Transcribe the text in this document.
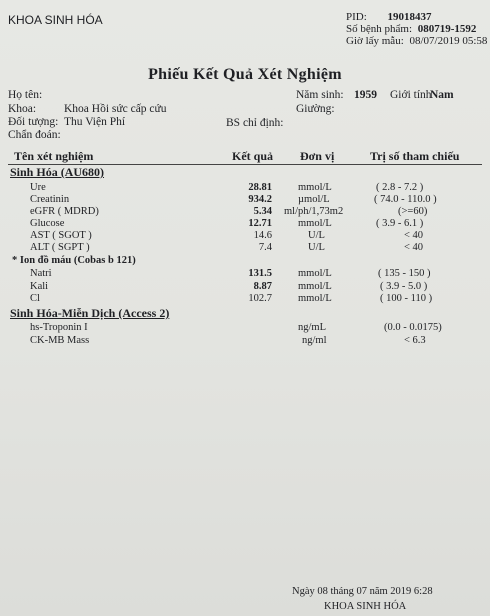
KHOA SINH HÓA	PID: 19018437
Số bệnh phẩm: 080719-1592
Giờ lấy mẫu: 08/07/2019 05:58
Phiếu Kết Quả Xét Nghiệm
Họ tên:
Khoa: Khoa Hồi sức cấp cứu
Đối tượng: Thu Viện Phí
Chẩn đoán:
Năm sinh: 1959 Giới tính
Nam
Giường:
BS chỉ định:
Tên xét nghiệm	Kết quả Đơn vị	Trị số tham chiếu
Sinh Hóa (AU680)
Ure	28.81 mmol/L	( 2.8 - 7.2 )
Creatinin	934.2 µmol/L	( 74.0 - 110.0 )
eGFR ( MDRD)	5.34 ml/ph/1,73m2	(>=60)
Glucose	12.71 mmol/L	( 3.9 - 6.1 )
AST ( SGOT )	14.6	U/L	< 40
ALT ( SGPT )	7.4	U/L	< 40
* Ion đồ máu (Cobas b 121)
Natri	131.5 mmol/L	( 135 - 150 )
Kali	8.87 mmol/L	( 3.9 - 5.0 )
Cl	102.7 mmol/L	( 100 - 110 )
Sinh Hóa-Miễn Dịch (Access 2)
hs-Troponin I	ng/mL	(0.0 - 0.0175)
CK-MB Mass	ng/ml	< 6.3
Ngày 08 tháng 07 năm 2019 6:28
KHOA SINH HÓA
